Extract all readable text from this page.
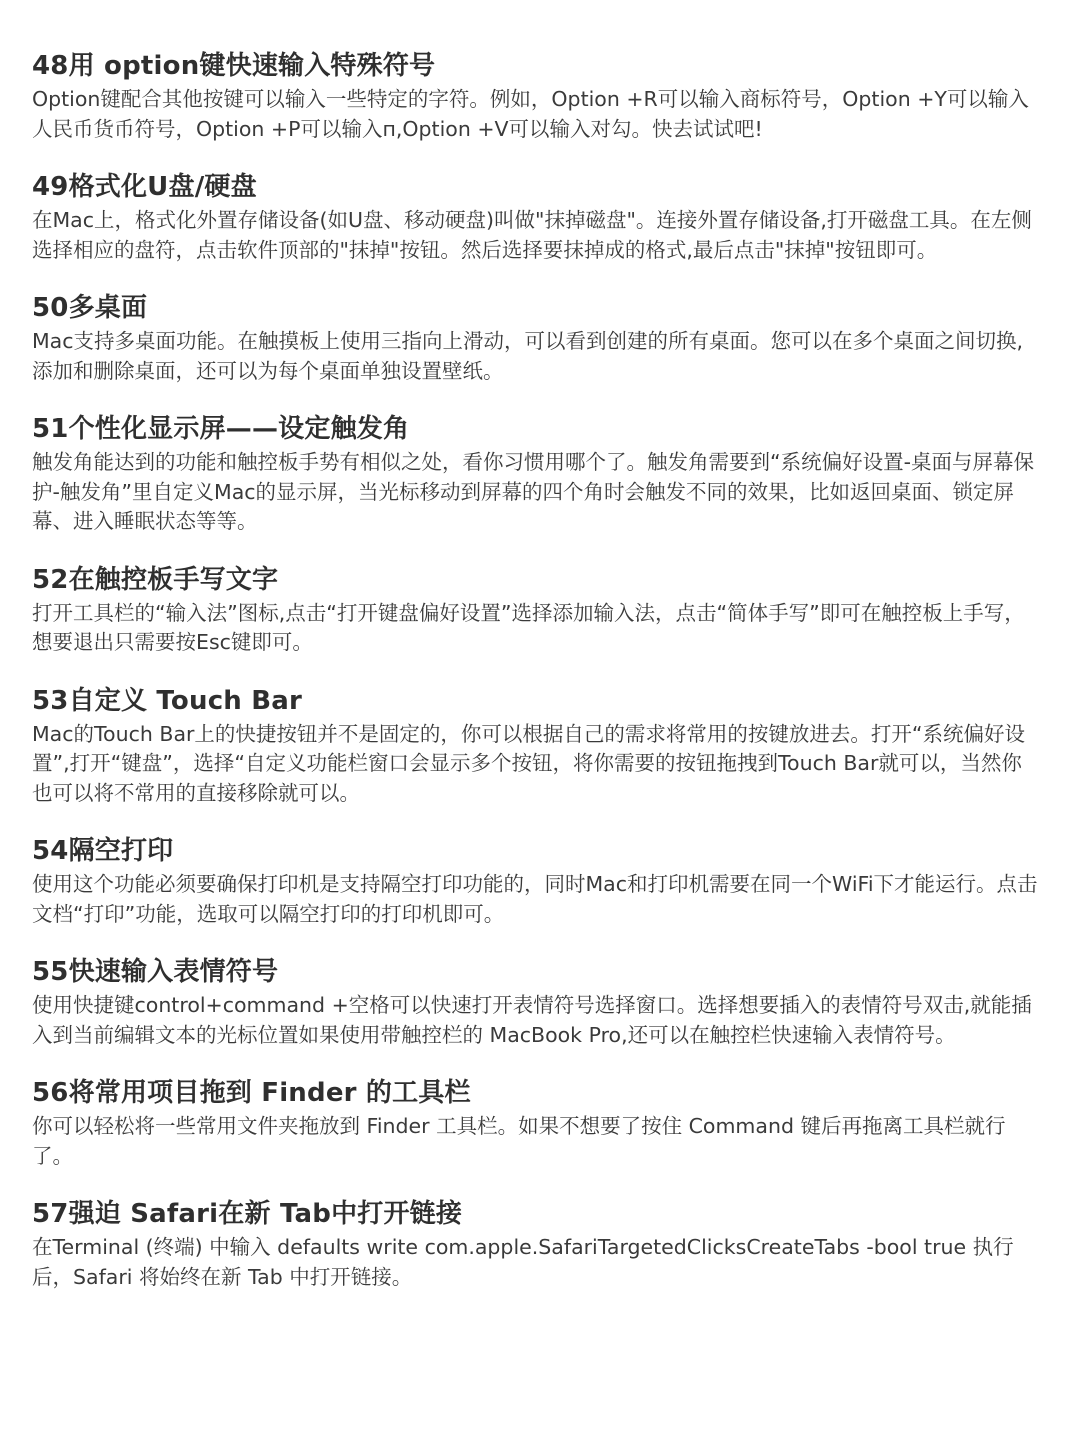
48用 option键快速输入特殊符号

Option键配合其他按键可以输入一些特定的字符。例如，Option +R可以输入商标符号，Option +Y可以输入人民币货币符号，Option +P可以输入п,Option +V可以输入对勾。快去试试吧!

49格式化U盘/硬盘

在Mac上，格式化外置存储设备(如U盘、移动硬盘)叫做"抹掉磁盘"。连接外置存储设备,打开磁盘工具。在左侧选择相应的盘符，点击软件顶部的"抹掉"按钮。然后选择要抹掉成的格式,最后点击"抹掉"按钮即可。

50多桌面

Mac支持多桌面功能。在触摸板上使用三指向上滑动，可以看到创建的所有桌面。您可以在多个桌面之间切换,添加和删除桌面，还可以为每个桌面单独设置壁纸。

51个性化显示屏——设定触发角

触发角能达到的功能和触控板手势有相似之处，看你习惯用哪个了。触发角需要到“系统偏好设置-桌面与屏幕保护-触发角”里自定义Mac的显示屏，当光标移动到屏幕的四个角时会触发不同的效果，比如返回桌面、锁定屏幕、进入睡眠状态等等。

52在触控板手写文字

打开工具栏的“输入法”图标,点击“打开键盘偏好设置”选择添加输入法，点击“简体手写”即可在触控板上手写，想要退出只需要按Esc键即可。

53自定义 Touch Bar

Mac的Touch Bar上的快捷按钮并不是固定的，你可以根据自己的需求将常用的按键放进去。打开“系统偏好设置”,打开“键盘”，选择“自定义功能栏窗口会显示多个按钮，将你需要的按钮拖拽到Touch Bar就可以，当然你也可以将不常用的直接移除就可以。

54隔空打印

使用这个功能必须要确保打印机是支持隔空打印功能的，同时Mac和打印机需要在同一个WiFi下才能运行。点击文档“打印”功能，选取可以隔空打印的打印机即可。

55快速输入表情符号

使用快捷键control+command +空格可以快速打开表情符号选择窗口。选择想要插入的表情符号双击,就能插入到当前编辑文本的光标位置如果使用带触控栏的 MacBook Pro,还可以在触控栏快速输入表情符号。

56将常用项目拖到 Finder 的工具栏

你可以轻松将一些常用文件夹拖放到 Finder 工具栏。如果不想要了按住 Command 键后再拖离工具栏就行了。

57强迫 Safari在新 Tab中打开链接

在Terminal (终端) 中输入 defaults write com.apple.SafariTargetedClicksCreateTabs -bool true 执行后，Safari 将始终在新 Tab 中打开链接。
